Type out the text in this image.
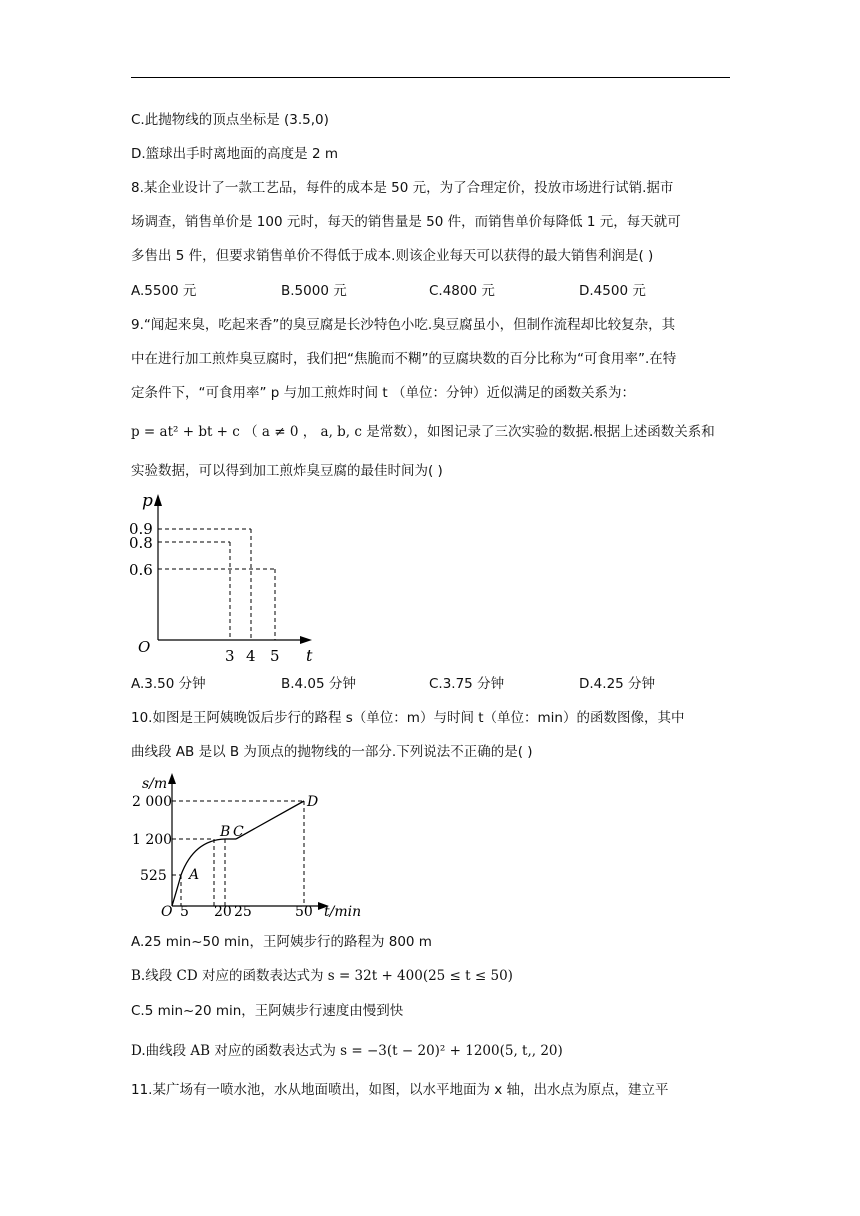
C.此抛物线的顶点坐标是 (3.5,0)
D.篮球出手时离地面的高度是 2 m
8.某企业设计了一款工艺品，每件的成本是 50 元，为了合理定价，投放市场进行试销.据市
场调查，销售单价是 100 元时，每天的销售量是 50 件，而销售单价每降低 1 元，每天就可
多售出 5 件，但要求销售单价不得低于成本.则该企业每天可以获得的最大销售利润是( )
A.5500 元	B.5000 元	C.4800 元	D.4500 元
9.“闻起来臭，吃起来香”的臭豆腐是长沙特色小吃.臭豆腐虽小，但制作流程却比较复杂，其
中在进行加工煎炸臭豆腐时，我们把“焦脆而不糊”的豆腐块数的百分比称为“可食用率”.在特
定条件下，“可食用率” p 与加工煎炸时间 t （单位：分钟）近似满足的函数关系为：
p = at² + bt + c （ a ≠ 0 ， a, b, c 是常数），如图记录了三次实验的数据.根据上述函数关系和
实验数据，可以得到加工煎炸臭豆腐的最佳时间为( )
p
O	t
0.9
0.8
0.6
3 4 5
A.3.50 分钟	B.4.05 分钟	C.3.75 分钟	D.4.25 分钟
10.如图是王阿姨晚饭后步行的路程 s（单位：m）与时间 t（单位：min）的函数图像，其中
曲线段 AB 是以 B 为顶点的抛物线的一部分.下列说法不正确的是( )
s/m
O	t/min
2 000
1 200
525
5 20 25	50
A
B C
D
A.25 min~50 min，王阿姨步行的路程为 800 m
B.线段 CD 对应的函数表达式为 s = 32t + 400(25 ≤ t ≤ 50)
C.5 min~20 min，王阿姨步行速度由慢到快
D.曲线段 AB 对应的函数表达式为 s = −3(t − 20)² + 1200(5, t,, 20)
11.某广场有一喷水池，水从地面喷出，如图，以水平地面为 x 轴，出水点为原点，建立平
